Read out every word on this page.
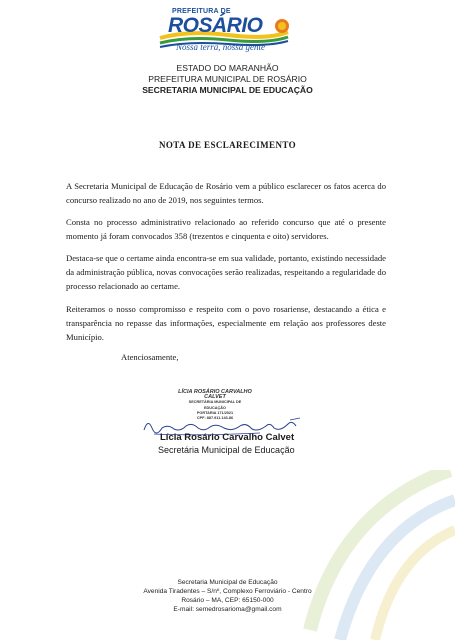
PREFEITURA DE
ROSÁRIO
Nossa terra, nossa gente
ESTADO DO MARANHÃO
PREFEITURA MUNICIPAL DE ROSÁRIO
SECRETARIA MUNICIPAL DE EDUCAÇÃO
NOTA DE ESCLARECIMENTO

A Secretaria Municipal de Educação de Rosário vem a público esclarecer os fatos acerca do concurso realizado no ano de 2019, nos seguintes termos.

Consta no processo administrativo relacionado ao referido concurso que até o presente momento já foram convocados 358 (trezentos e cinquenta e oito) servidores.

Destaca-se que o certame ainda encontra-se em sua validade, portanto, existindo necessidade da administração pública, novas convocações serão realizadas, respeitando a regularidade do processo relacionado ao certame.

Reiteramos o nosso compromisso e respeito com o povo rosariense, destacando a ética e transparência no repasse das informações, especialmente em relação aos professores deste Município.

Atenciosamente,
LÍCIA ROSÁRIO CARVALHO CALVET
SECRETÁRIA MUNICIPAL DE
EDUCAÇÃO
PORTARIA 171/2021
CPF: 887.911.143-86
Lícia Rosário Carvalho Calvet
Secretária Municipal de Educação
Secretaria Municipal de Educação
Avenida Tiradentes – S/nº, Complexo Ferroviário - Centro
Rosário – MA, CEP: 65150-000
E-mail: semedrosarioma@gmail.com
